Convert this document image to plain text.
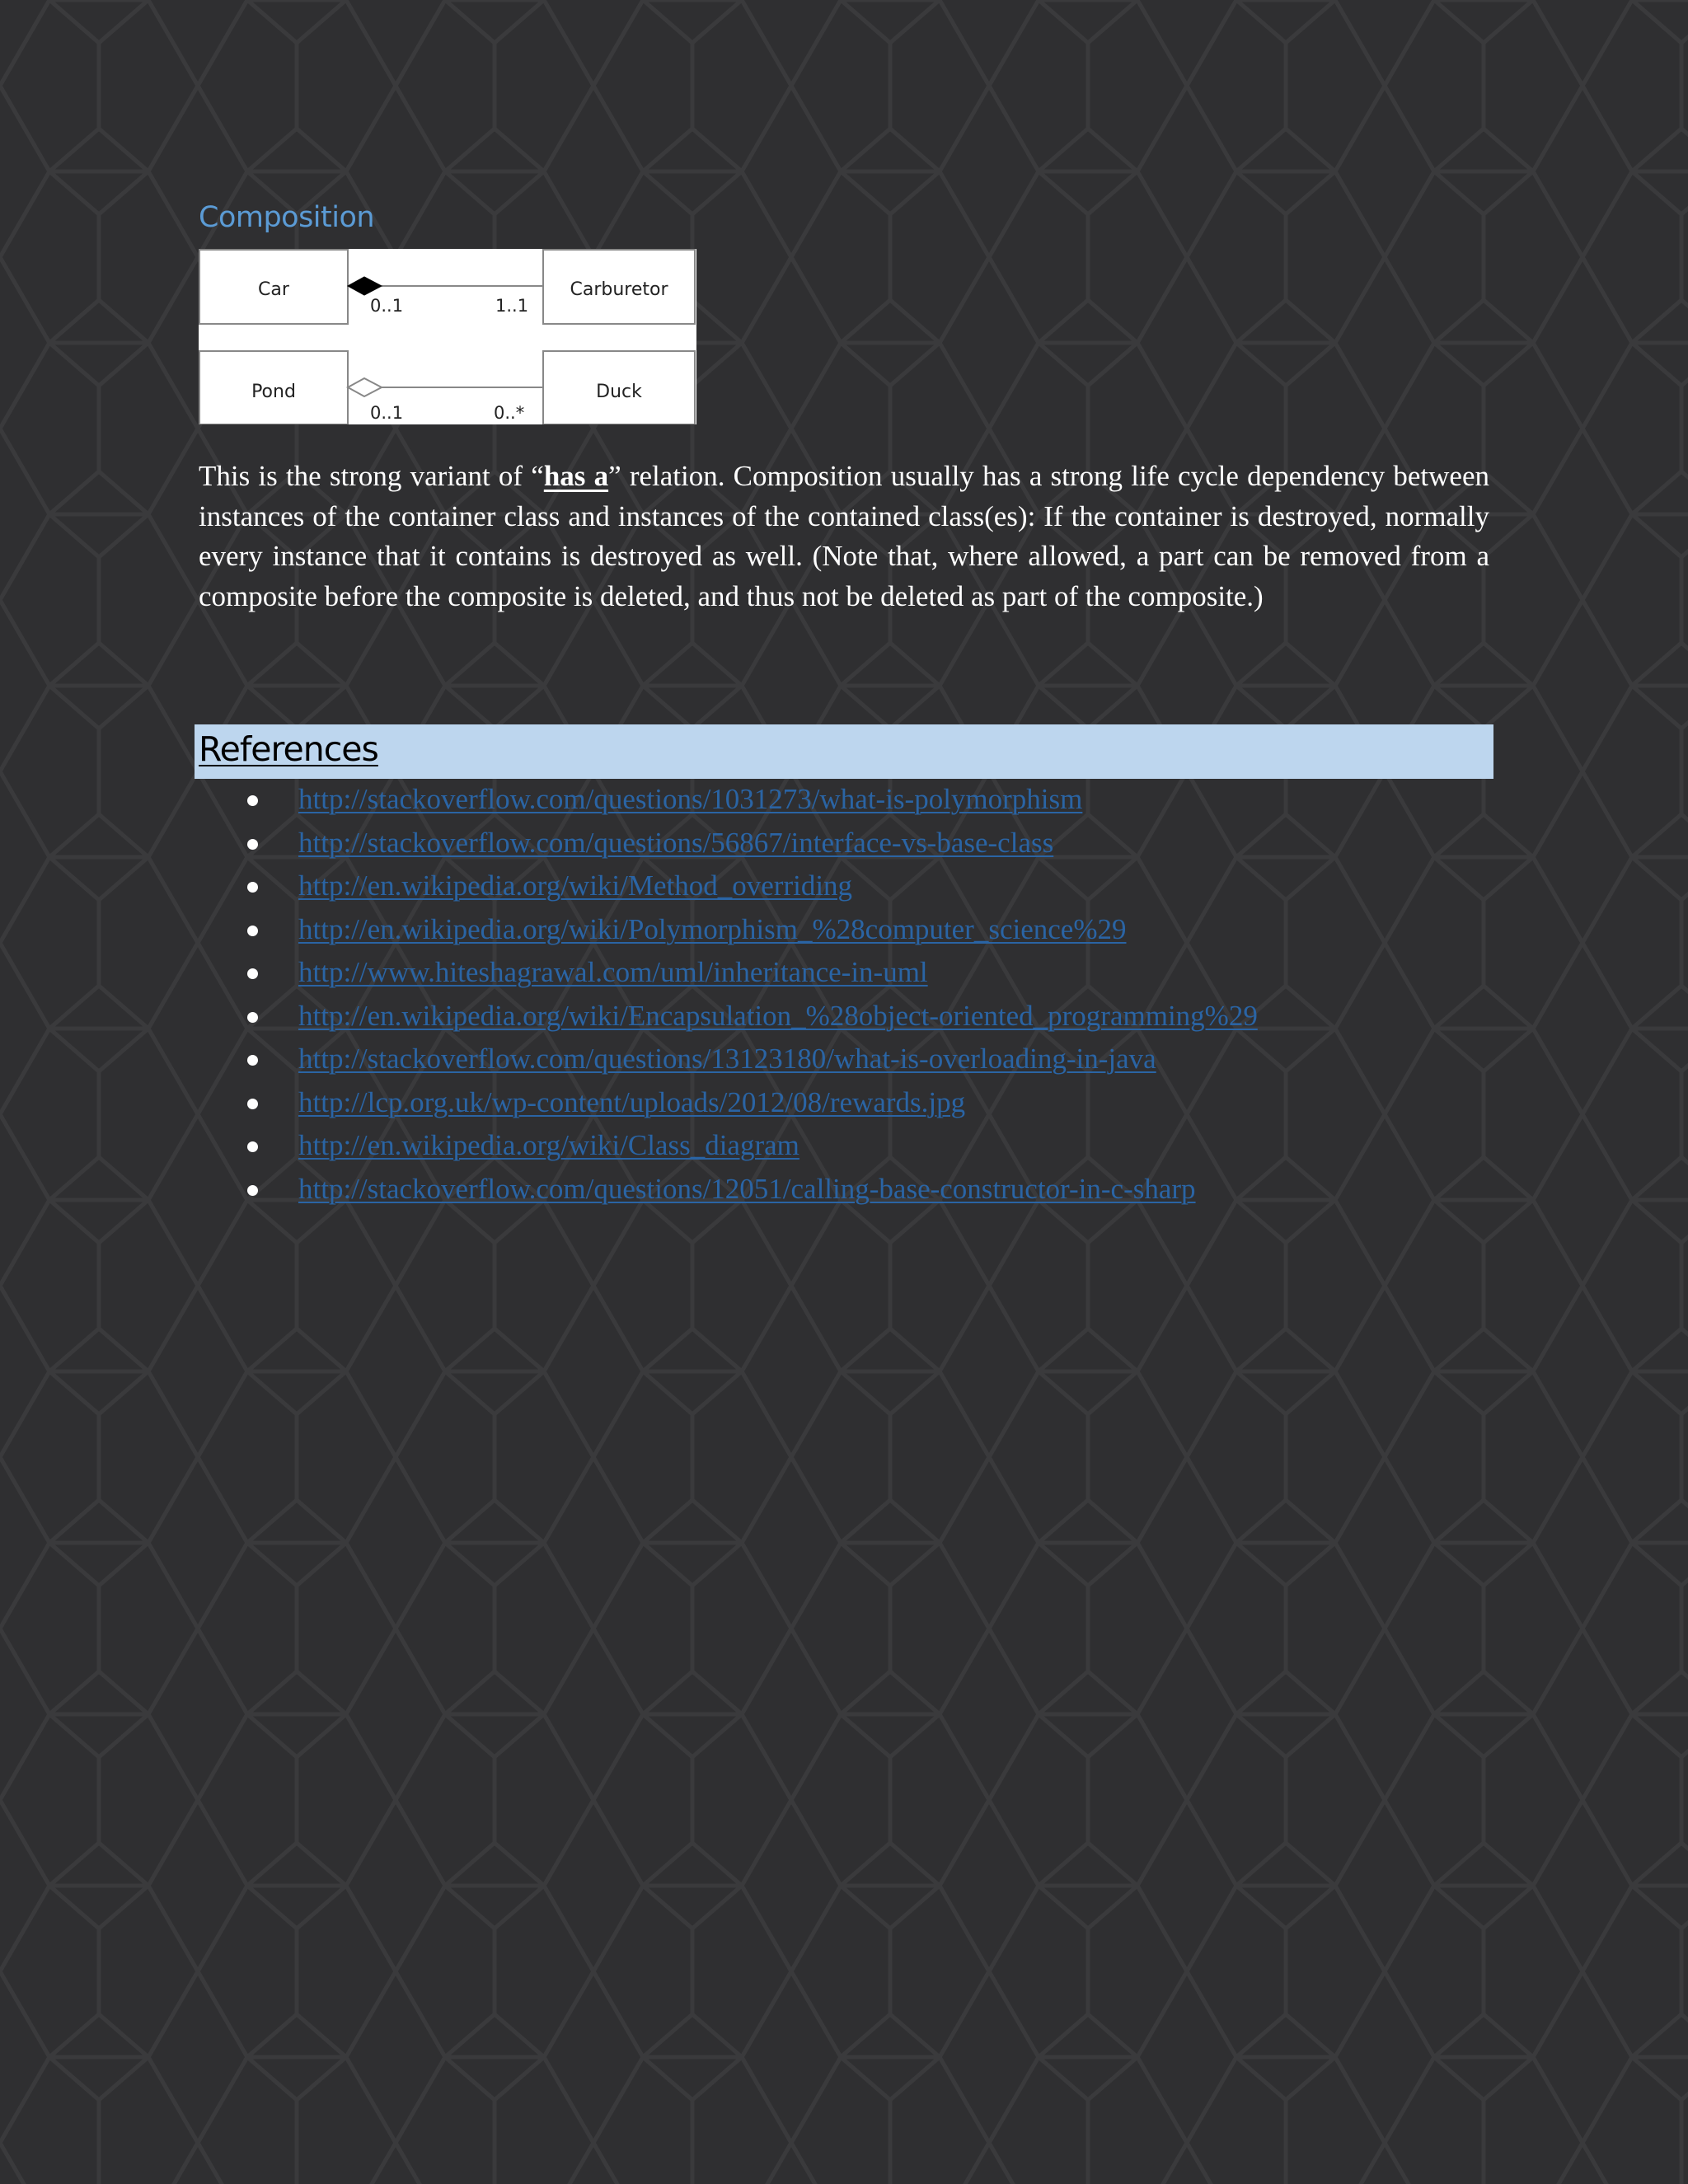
Composition
Car	Carburetor
0..1	1..1
Pond	Duck
0..1	0..*

This is the strong variant of “has a” relation. Composition usually has a strong life cycle dependency between instances of the container class and instances of the contained class(es): If the container is destroyed, normally every instance that it contains is destroyed as well. (Note that, where allowed, a part can be removed from a composite before the composite is deleted, and thus not be deleted as part of the composite.)

References
http://stackoverflow.com/questions/1031273/what-is-polymorphism
http://stackoverflow.com/questions/56867/interface-vs-base-class
http://en.wikipedia.org/wiki/Method_overriding
http://en.wikipedia.org/wiki/Polymorphism_%28computer_science%29
http://www.hiteshagrawal.com/uml/inheritance-in-uml
http://en.wikipedia.org/wiki/Encapsulation_%28object-oriented_programming%29
http://stackoverflow.com/questions/13123180/what-is-overloading-in-java
http://lcp.org.uk/wp-content/uploads/2012/08/rewards.jpg
http://en.wikipedia.org/wiki/Class_diagram
http://stackoverflow.com/questions/12051/calling-base-constructor-in-c-sharp
